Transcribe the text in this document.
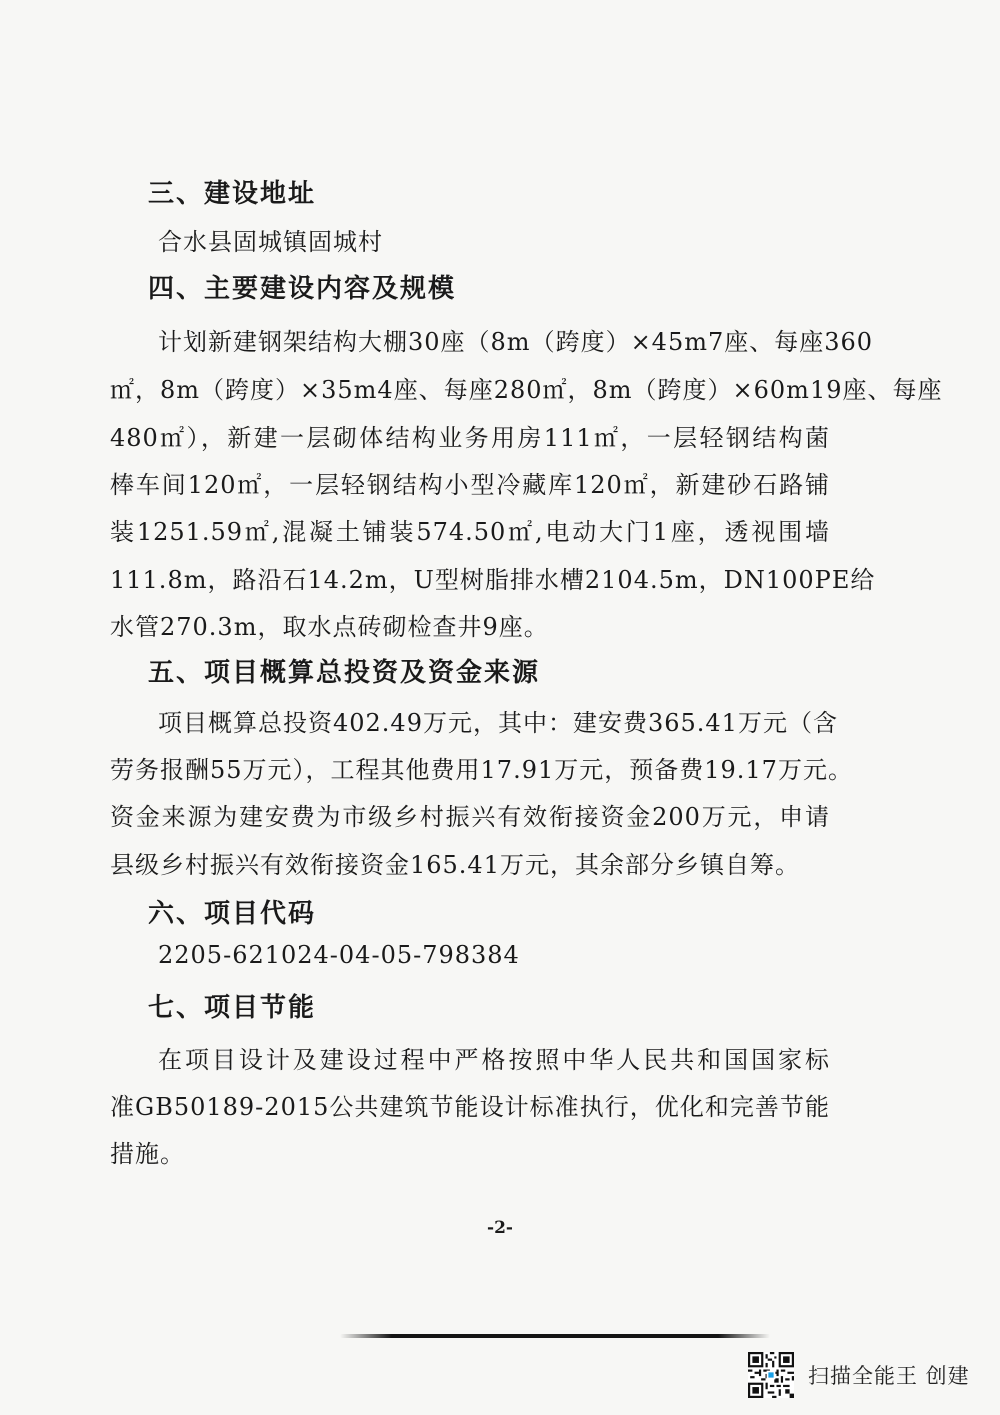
三、建设地址
合水县固城镇固城村
四、主要建设内容及规模
计划新建钢架结构大棚30座（8m（跨度）×45m7座、每座360
㎡，8m（跨度）×35m4座、每座280㎡，8m（跨度）×60m19座、每座
480㎡），新建一层砌体结构业务用房111㎡，一层轻钢结构菌
棒车间120㎡，一层轻钢结构小型冷藏库120㎡，新建砂石路铺
装1251.59㎡,混凝土铺装574.50㎡,电动大门1座，透视围墙
111.8m，路沿石14.2m，U型树脂排水槽2104.5m，DN100PE给
水管270.3m，取水点砖砌检查井9座。
五、项目概算总投资及资金来源
项目概算总投资402.49万元，其中：建安费365.41万元（含
劳务报酬55万元），工程其他费用17.91万元，预备费19.17万元。
资金来源为建安费为市级乡村振兴有效衔接资金200万元，申请
县级乡村振兴有效衔接资金165.41万元，其余部分乡镇自筹。
六、项目代码
2205-621024-04-05-798384
七、项目节能
在项目设计及建设过程中严格按照中华人民共和国国家标
准GB50189-2015公共建筑节能设计标准执行，优化和完善节能
措施。
-2-
扫描全能王 创建
